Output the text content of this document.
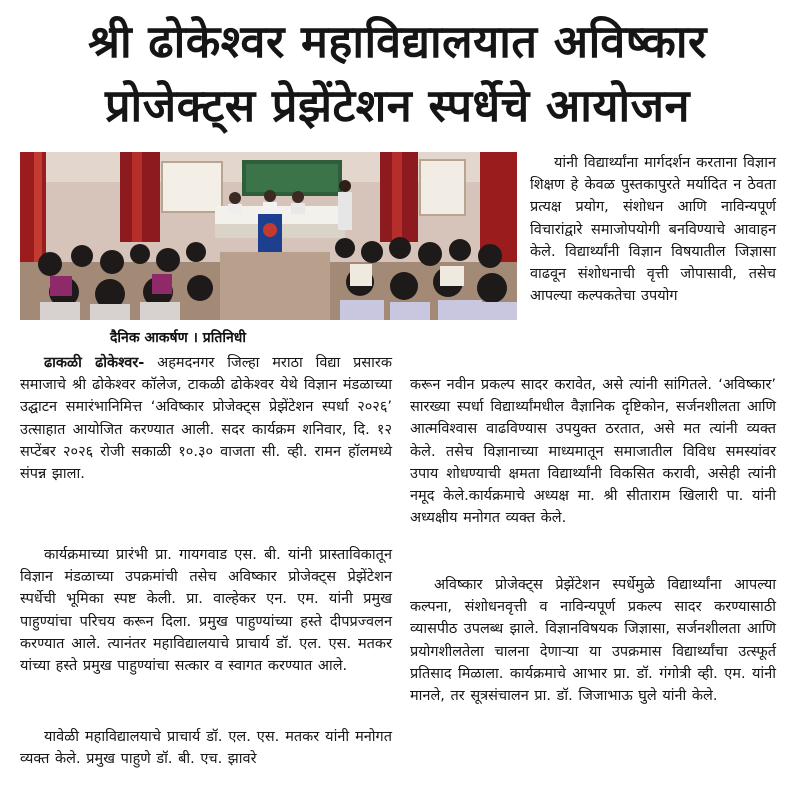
श्री ढोकेश्वर महाविद्यालयात अविष्कार
प्रोजेक्ट्स प्रेझेंटेशन स्पर्धेचे आयोजन
दैनिक आकर्षण । प्रतिनिधी

ढाकळी ढोकेश्वर- अहमदनगर जिल्हा मराठा विद्या प्रसारक समाजाचे श्री ढोकेश्वर कॉलेज, टाकळी ढोकेश्वर येथे विज्ञान मंडळाच्या उद्घाटन समारंभानिमित्त ‘अविष्कार प्रोजेक्ट्स प्रेझेंटेशन स्पर्धा २०२६’ उत्साहात आयोजित करण्यात आली. सदर कार्यक्रम शनिवार, दि. १२ सप्टेंबर २०२६ रोजी सकाळी १०.३० वाजता सी. व्ही. रामन हॉलमध्ये संपन्न झाला.

कार्यक्रमाच्या प्रारंभी प्रा. गायगवाड एस. बी. यांनी प्रास्ताविकातून विज्ञान मंडळाच्या उपक्रमांची तसेच अविष्कार प्रोजेक्ट्स प्रेझेंटेशन स्पर्धेची भूमिका स्पष्ट केली. प्रा. वाल्हेकर एन. एम. यांनी प्रमुख पाहुण्यांचा परिचय करून दिला. प्रमुख पाहुण्यांच्या हस्ते दीपप्रज्वलन करण्यात आले. त्यानंतर महाविद्यालयाचे प्राचार्य डॉ. एल. एस. मतकर यांच्या हस्ते प्रमुख पाहुण्यांचा सत्कार व स्वागत करण्यात आले.

यावेळी महाविद्यालयाचे प्राचार्य डॉ. एल. एस. मतकर यांनी मनोगत व्यक्त केले. प्रमुख पाहुणे डॉ. बी. एच. झावरे

यांनी विद्यार्थ्यांना मार्गदर्शन करताना विज्ञान शिक्षण हे केवळ पुस्तकापुरते मर्यादित न ठेवता प्रत्यक्ष प्रयोग, संशोधन आणि नाविन्यपूर्ण विचारांद्वारे समाजोपयोगी बनविण्याचे आवाहन केले. विद्यार्थ्यांनी विज्ञान विषयातील जिज्ञासा वाढवून संशोधनाची वृत्ती जोपासावी, तसेच आपल्या कल्पकतेचा उपयोग

करून नवीन प्रकल्प सादर करावेत, असे त्यांनी सांगितले. ‘अविष्कार’ सारख्या स्पर्धा विद्यार्थ्यांमधील वैज्ञानिक दृष्टिकोन, सर्जनशीलता आणि आत्मविश्वास वाढविण्यास उपयुक्त ठरतात, असे मत त्यांनी व्यक्त केले. तसेच विज्ञानाच्या माध्यमातून समाजातील विविध समस्यांवर उपाय शोधण्याची क्षमता विद्यार्थ्यांनी विकसित करावी, असेही त्यांनी नमूद केले.कार्यक्रमाचे अध्यक्ष मा. श्री सीताराम खिलारी पा. यांनी अध्यक्षीय मनोगत व्यक्त केले.

अविष्कार प्रोजेक्ट्स प्रेझेंटेशन स्पर्धेमुळे विद्यार्थ्यांना आपल्या कल्पना, संशोधनवृत्ती व नाविन्यपूर्ण प्रकल्प सादर करण्यासाठी व्यासपीठ उपलब्ध झाले. विज्ञानविषयक जिज्ञासा, सर्जनशीलता आणि प्रयोगशीलतेला चालना देणाऱ्या या उपक्रमास विद्यार्थ्यांचा उत्स्फूर्त प्रतिसाद मिळाला. कार्यक्रमाचे आभार प्रा. डॉ. गंगोत्री व्ही. एम. यांनी मानले, तर सूत्रसंचालन प्रा. डॉ. जिजाभाऊ घुले यांनी केले.
